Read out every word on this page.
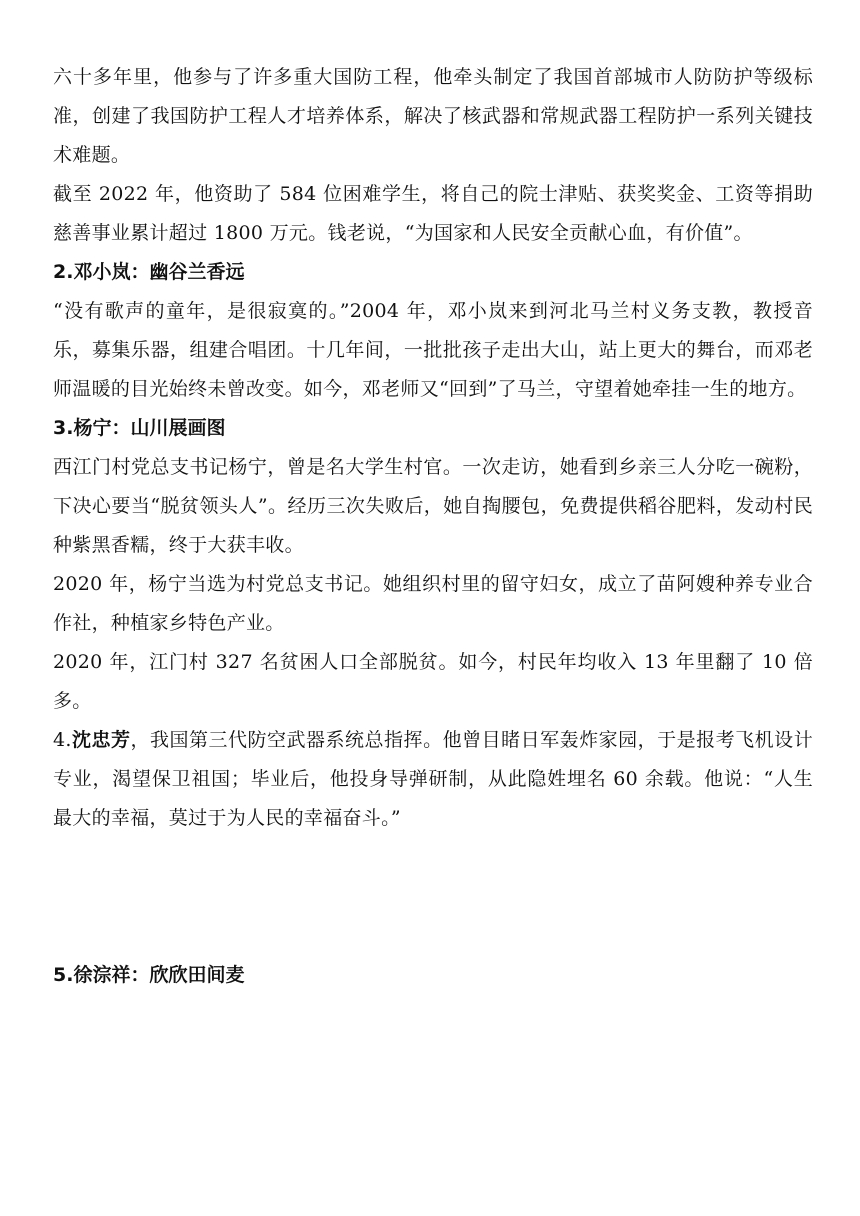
六十多年里，他参与了许多重大国防工程，他牵头制定了我国首部城市人防防护等级标准，创建了我国防护工程人才培养体系，解决了核武器和常规武器工程防护一系列关键技术难题。

截至 2022 年，他资助了 584 位困难学生，将自己的院士津贴、获奖奖金、工资等捐助慈善事业累计超过 1800 万元。钱老说，“为国家和人民安全贡献心血，有价值”。

2.邓小岚：幽谷兰香远

“没有歌声的童年，是很寂寞的。”2004 年，邓小岚来到河北马兰村义务支教，教授音乐，募集乐器，组建合唱团。十几年间，一批批孩子走出大山，站上更大的舞台，而邓老师温暖的目光始终未曾改变。如今，邓老师又“回到”了马兰，守望着她牵挂一生的地方。

3.杨宁：山川展画图

西江门村党总支书记杨宁，曾是名大学生村官。一次走访，她看到乡亲三人分吃一碗粉，下决心要当“脱贫领头人”。经历三次失败后，她自掏腰包，免费提供稻谷肥料，发动村民种紫黑香糯，终于大获丰收。

2020 年，杨宁当选为村党总支书记。她组织村里的留守妇女，成立了苗阿嫂种养专业合作社，种植家乡特色产业。

2020 年，江门村 327 名贫困人口全部脱贫。如今，村民年均收入 13 年里翻了 10 倍多。

4.沈忠芳，我国第三代防空武器系统总指挥。他曾目睹日军轰炸家园，于是报考飞机设计专业，渴望保卫祖国；毕业后，他投身导弹研制，从此隐姓埋名 60 余载。他说：“人生最大的幸福，莫过于为人民的幸福奋斗。”

5.徐淙祥：欣欣田间麦
